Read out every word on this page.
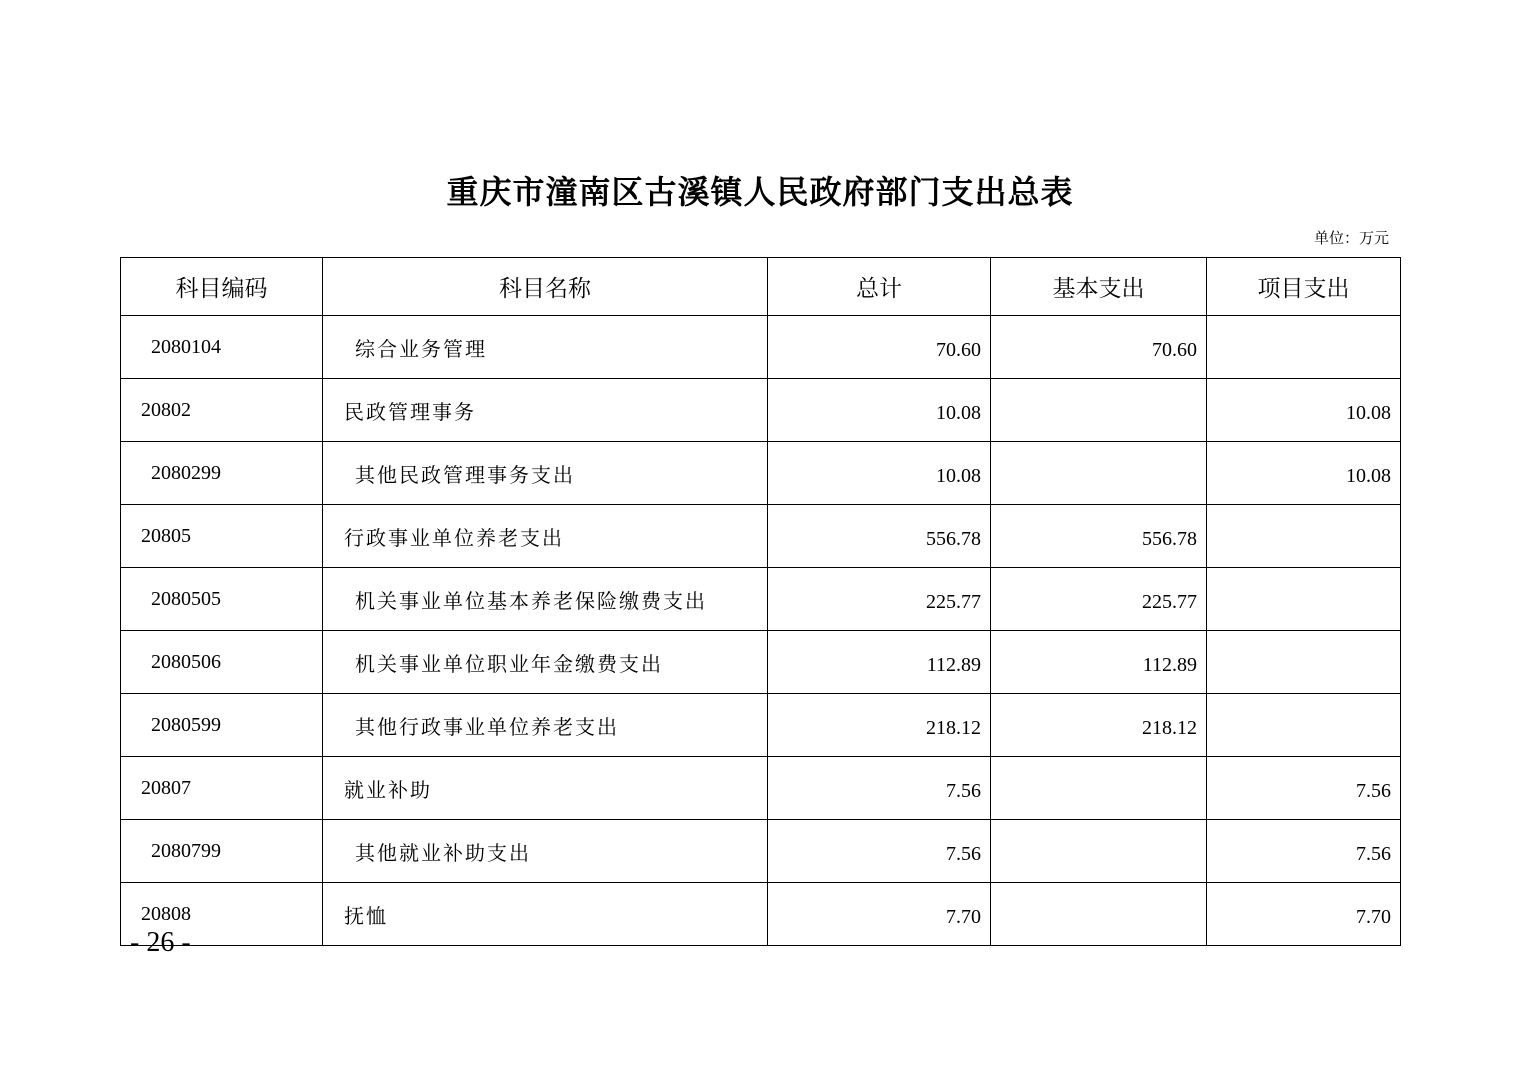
重庆市潼南区古溪镇人民政府部门支出总表
单位：万元
科目编码	科目名称	总计	基本支出	项目支出
2080104	综合业务管理	70.60	70.60	
20802	民政管理事务	10.08		10.08
2080299	其他民政管理事务支出	10.08		10.08
20805	行政事业单位养老支出	556.78	556.78	
2080505	机关事业单位基本养老保险缴费支出	225.77	225.77	
2080506	机关事业单位职业年金缴费支出	112.89	112.89	
2080599	其他行政事业单位养老支出	218.12	218.12	
20807	就业补助	7.56		7.56
2080799	其他就业补助支出	7.56		7.56
20808	抚恤	7.70		7.70
- 26 -
